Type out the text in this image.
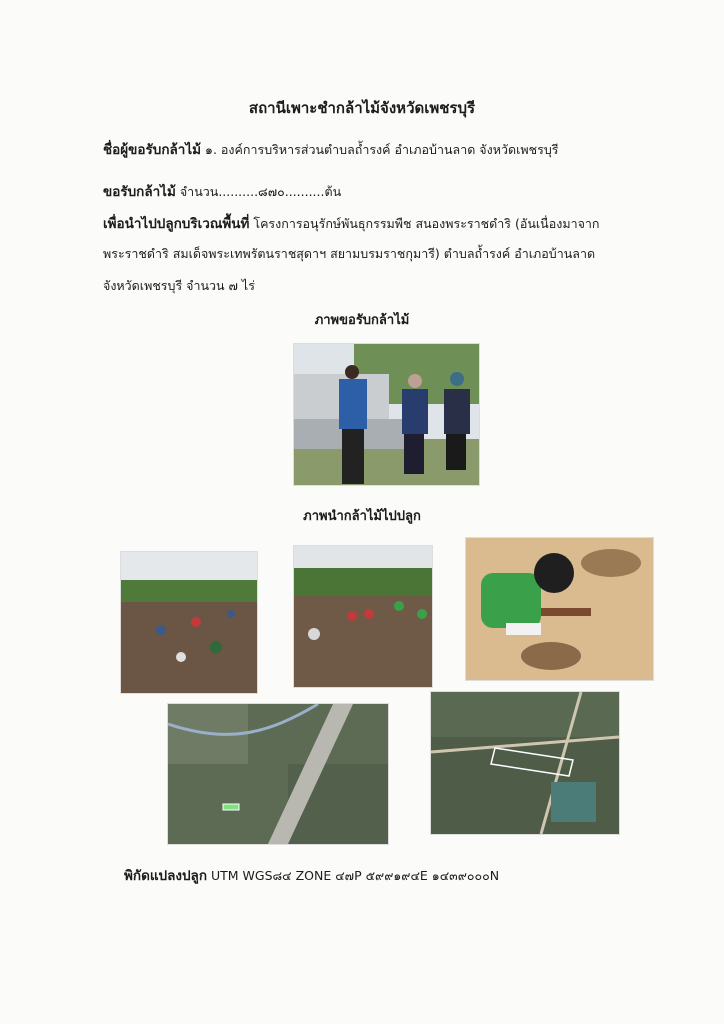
สถานีเพาะชำกล้าไม้จังหวัดเพชรบุรี
ชื่อผู้ขอรับกล้าไม้ ๑. องค์การบริหารส่วนตำบลถ้ำรงค์ อำเภอบ้านลาด จังหวัดเพชรบุรี
ขอรับกล้าไม้ จำนวน..........๘๗๐..........ต้น
เพื่อนำไปปลูกบริเวณพื้นที่ โครงการอนุรักษ์พันธุกรรมพืช สนองพระราชดำริ (อันเนื่องมาจาก
พระราชดำริ สมเด็จพระเทพรัตนราชสุดาฯ สยามบรมราชกุมารี) ตำบลถ้ำรงค์ อำเภอบ้านลาด
จังหวัดเพชรบุรี จำนวน ๗ ไร่
ภาพขอรับกล้าไม้
ภาพนำกล้าไม้ไปปลูก
พิกัดแปลงปลูก UTM WGS๘๔ ZONE ๔๗P ๕๙๙๑๙๔E ๑๔๓๙๐๐๐N
